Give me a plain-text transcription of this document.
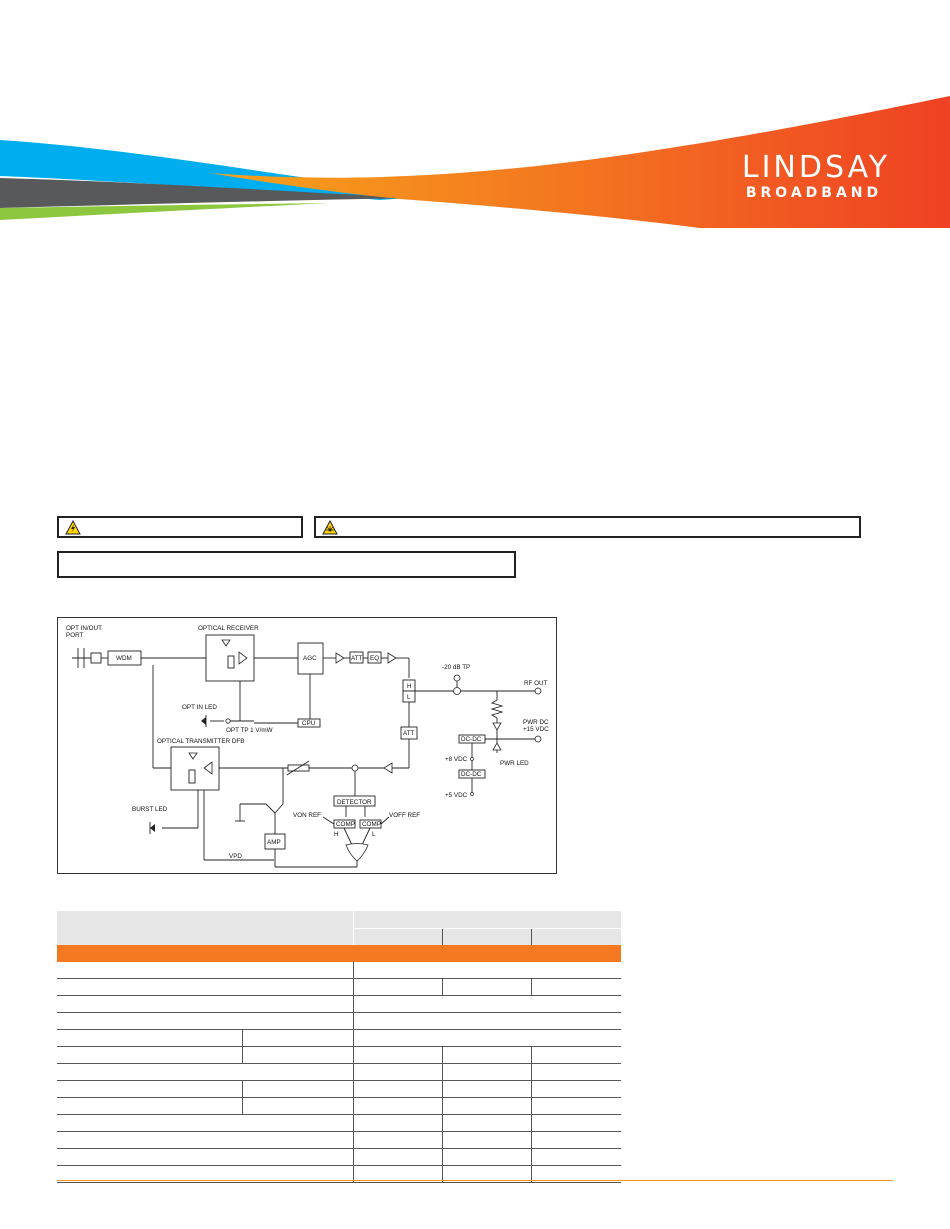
LINDSAY
BROADBAND
OPT IN/OUT
PORT
WDM
OPTICAL RECEIVER
OPT TP 1 V/mW
OPT IN LED
AGC
CPU
ATT EQ
H
L
RF OUT
-20 dB TP
PWR DC
+15 VDC
PWR LED
DC-DC
+8 VDC
DC-DC
+5 VDC
ATT
OPTICAL TRANSMITTER DFB
VPD
BURST LED
DETECTOR
VON REF	VOFF REF
COMP COMP
H	L
AMP
